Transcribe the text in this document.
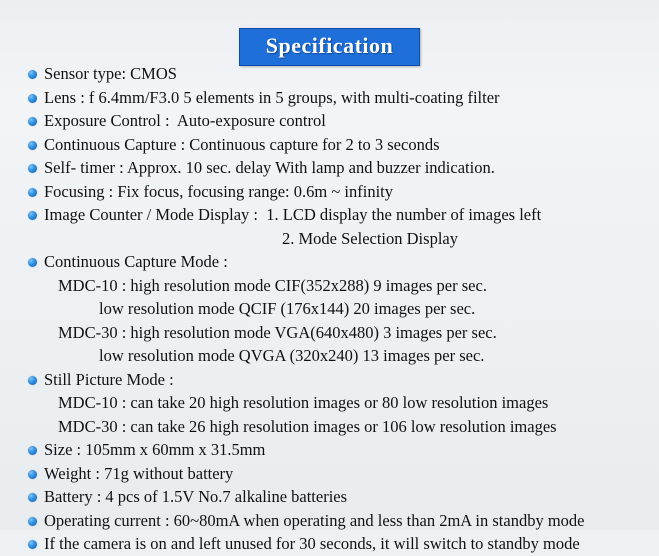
Specification
Sensor type: CMOS
Lens : f 6.4mm/F3.0 5 elements in 5 groups, with multi-coating filter
Exposure Control :  Auto-exposure control
Continuous Capture : Continuous capture for 2 to 3 seconds
Self- timer : Approx. 10 sec. delay With lamp and buzzer indication.
Focusing : Fix focus, focusing range: 0.6m ~ infinity
Image Counter / Mode Display :  1. LCD display the number of images left
2. Mode Selection Display
Continuous Capture Mode :
MDC-10 : high resolution mode CIF(352x288) 9 images per sec.
low resolution mode QCIF (176x144) 20 images per sec.
MDC-30 : high resolution mode VGA(640x480) 3 images per sec.
low resolution mode QVGA (320x240) 13 images per sec.
Still Picture Mode :
MDC-10 : can take 20 high resolution images or 80 low resolution images
MDC-30 : can take 26 high resolution images or 106 low resolution images
Size : 105mm x 60mm x 31.5mm
Weight : 71g without battery
Battery : 4 pcs of 1.5V No.7 alkaline batteries
Operating current : 60~80mA when operating and less than 2mA in standby mode
If the camera is on and left unused for 30 seconds, it will switch to standby mode
